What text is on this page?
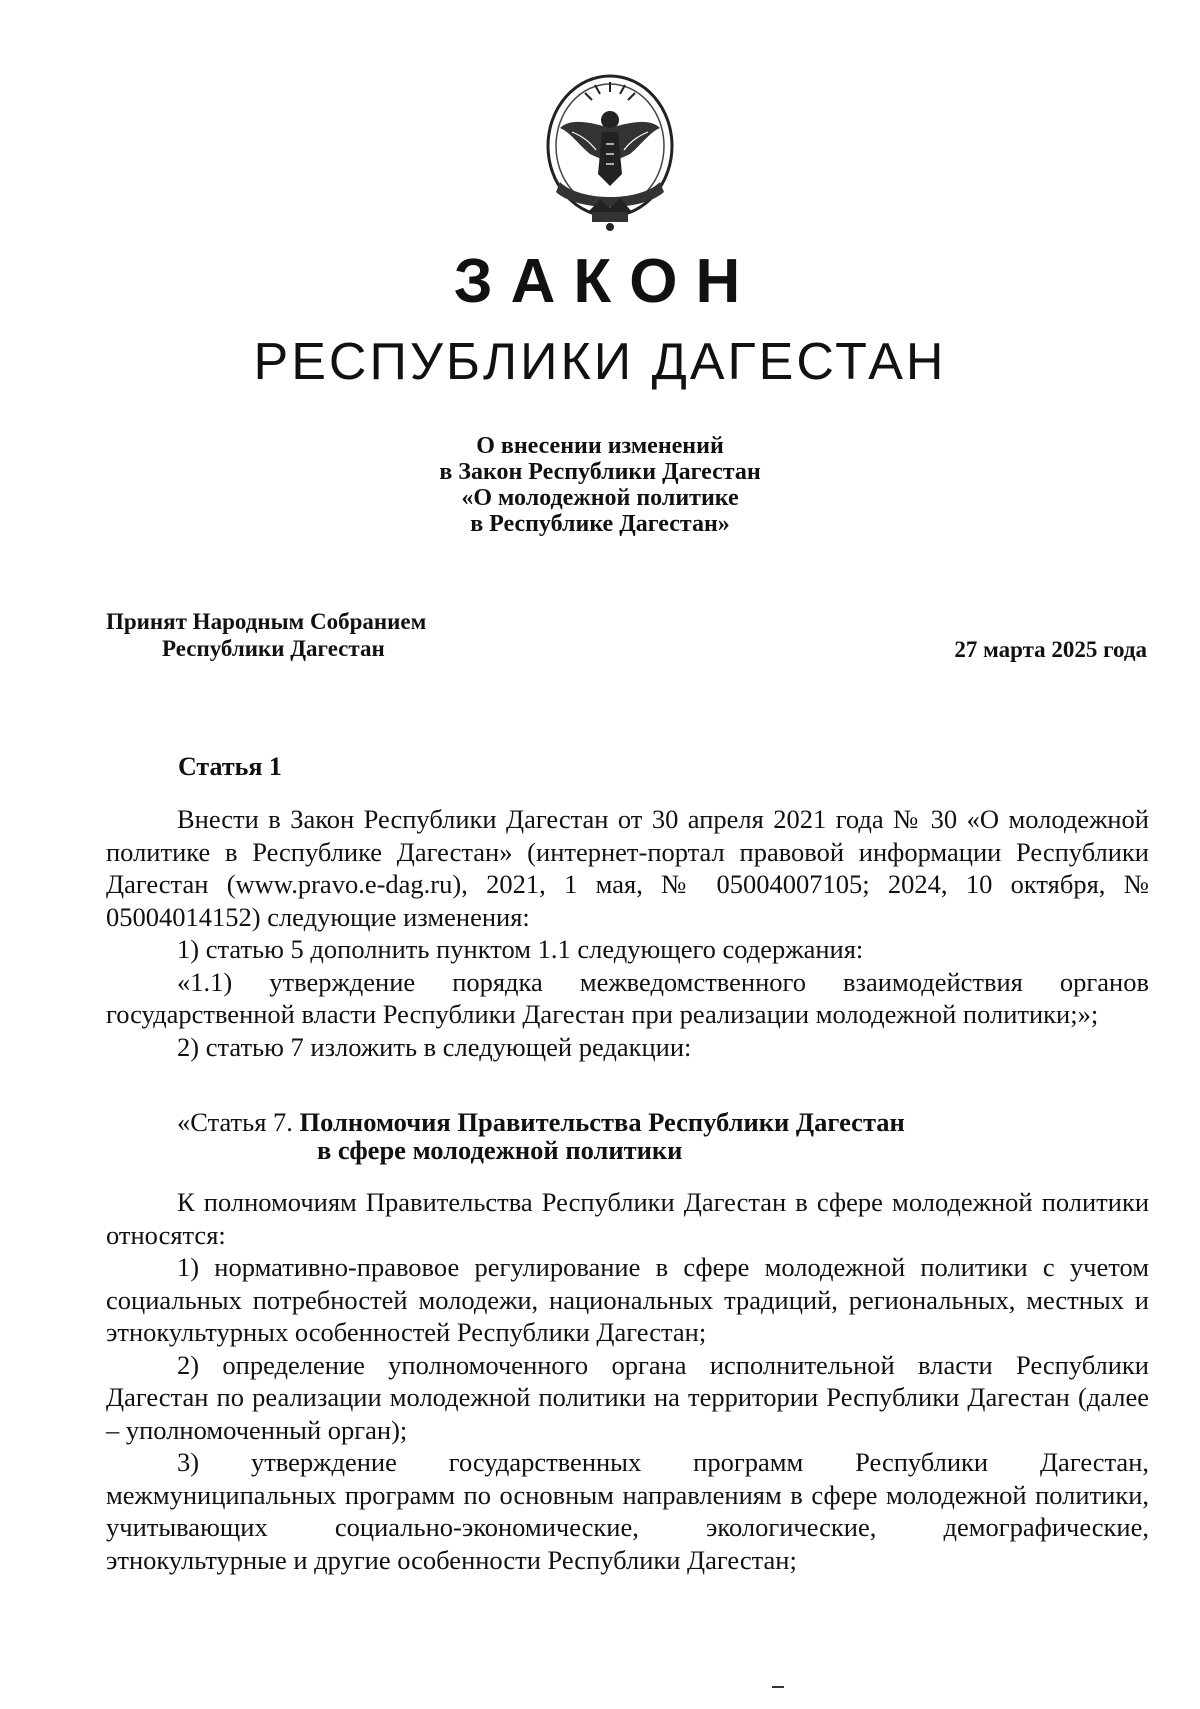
ЗАКОН
РЕСПУБЛИКИ ДАГЕСТАН
О внесении изменений
в Закон Республики Дагестан
«О молодежной политике
в Республике Дагестан»
Принят Народным Собранием
Республики Дагестан	27 марта 2025 года
Статья 1
Внести в Закон Республики Дагестан от 30 апреля 2021 года № 30 «О молодежной политике в Республике Дагестан» (интернет-портал правовой информации Республики Дагестан (www.pravo.e-dag.ru), 2021, 1 мая, № 05004007105; 2024, 10 октября, № 05004014152) следующие изменения:
1) статью 5 дополнить пунктом 1.1 следующего содержания:
«1.1) утверждение порядка межведомственного взаимодействия органов государственной власти Республики Дагестан при реализации молодежной политики;»;
2) статью 7 изложить в следующей редакции:
«Статья 7. Полномочия Правительства Республики Дагестан
в сфере молодежной политики
К полномочиям Правительства Республики Дагестан в сфере молодежной политики относятся:
1) нормативно-правовое регулирование в сфере молодежной политики с учетом социальных потребностей молодежи, национальных традиций, региональных, местных и этнокультурных особенностей Республики Дагестан;
2) определение уполномоченного органа исполнительной власти Республики Дагестан по реализации молодежной политики на территории Республики Дагестан (далее – уполномоченный орган);
3) утверждение государственных программ Республики Дагестан, межмуниципальных программ по основным направлениям в сфере молодежной политики, учитывающих социально-экономические, экологические, демографические, этнокультурные и другие особенности Республики Дагестан;
